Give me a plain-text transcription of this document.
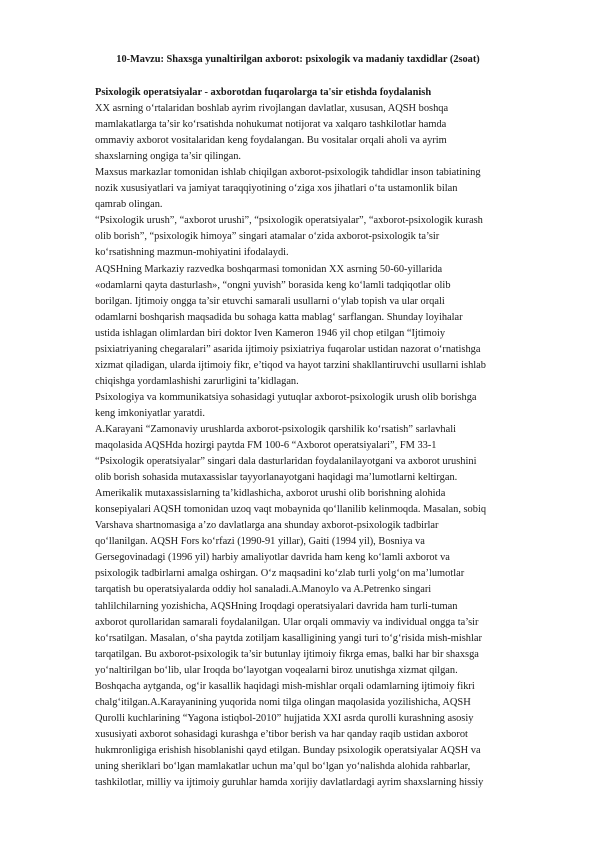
10-Mavzu: Shaxsga yunaltirilgan axborot: psixologik va madaniy taxdidlar (2soat)
Psixologik operatsiyalar - axborotdan fuqarolarga ta'sir etishda foydalanish
XX asrning o‘rtalaridan boshlab ayrim rivojlangan davlatlar, xususan, AQSH boshqa
mamlakatlarga ta’sir ko‘rsatishda nohukumat notijorat va xalqaro tashkilotlar hamda
ommaviy axborot vositalaridan keng foydalangan. Bu vositalar orqali aholi va ayrim
shaxslarning ongiga ta’sir qilingan.
Maxsus markazlar tomonidan ishlab chiqilgan axborot-psixologik tahdidlar inson tabiatining
nozik xususiyatlari va jamiyat taraqqiyotining o‘ziga xos jihatlari o‘ta ustamonlik bilan
qamrab olingan.
“Psixologik urush”, “axborot urushi”, “psixologik operatsiyalar”, “axborot-psixologik kurash
olib borish”, “psixologik himoya” singari atamalar o‘zida axborot-psixologik ta’sir
ko‘rsatishning mazmun-mohiyatini ifodalaydi.
AQSHning Markaziy razvedka boshqarmasi tomonidan XX asrning 50-60-yillarida
«odamlarni qayta dasturlash», “ongni yuvish” borasida keng ko‘lamli tadqiqotlar olib
borilgan. Ijtimoiy ongga ta’sir etuvchi samarali usullarni o‘ylab topish va ular orqali
odamlarni boshqarish maqsadida bu sohaga katta mablag‘ sarflangan. Shunday loyihalar
ustida ishlagan olimlardan biri doktor Iven Kameron 1946 yil chop etilgan “Ijtimoiy
psixiatriyaning chegaralari” asarida ijtimoiy psixiatriya fuqarolar ustidan nazorat o‘rnatishga
xizmat qiladigan, ularda ijtimoiy fikr, e’tiqod va hayot tarzini shakllantiruvchi usullarni ishlab
chiqishga yordamlashishi zarurligini ta’kidlagan.
Psixologiya va kommunikatsiya sohasidagi yutuqlar axborot-psixologik urush olib borishga
keng imkoniyatlar yaratdi.
A.Karayani “Zamonaviy urushlarda axborot-psixologik qarshilik ko‘rsatish” sarlavhali
maqolasida AQSHda hozirgi paytda FM 100-6 “Axborot operatsiyalari”, FM 33-1
“Psixologik operatsiyalar” singari dala dasturlaridan foydalanilayotgani va axborot urushini
olib borish sohasida mutaxassislar tayyorlanayotgani haqidagi ma’lumotlarni keltirgan.
Amerikalik mutaxassislarning ta’kidlashicha, axborot urushi olib borishning alohida
konsepiyalari AQSH tomonidan uzoq vaqt mobaynida qo‘llanilib kelinmoqda. Masalan, sobiq
Varshava shartnomasiga a’zo davlatlarga ana shunday axborot-psixologik tadbirlar
qo‘llanilgan. AQSH Fors ko‘rfazi (1990-91 yillar), Gaiti (1994 yil), Bosniya va
Gersegovinadagi (1996 yil) harbiy amaliyotlar davrida ham keng ko‘lamli axborot va
psixologik tadbirlarni amalga oshirgan. O‘z maqsadini ko‘zlab turli yolg‘on ma’lumotlar
tarqatish bu operatsiyalarda oddiy hol sanaladi.A.Manoylo va A.Petrenko singari
tahlilchilarning yozishicha, AQSHning Iroqdagi operatsiyalari davrida ham turli-tuman
axborot qurollaridan samarali foydalanilgan. Ular orqali ommaviy va individual ongga ta’sir
ko‘rsatilgan. Masalan, o‘sha paytda zotiljam kasalligining yangi turi to‘g‘risida mish-mishlar
tarqatilgan. Bu axborot-psixologik ta’sir butunlay ijtimoiy fikrga emas, balki har bir shaxsga
yo‘naltirilgan bo‘lib, ular Iroqda bo‘layotgan voqealarni biroz unutishga xizmat qilgan.
Boshqacha aytganda, og‘ir kasallik haqidagi mish-mishlar orqali odamlarning ijtimoiy fikri
chalg‘itilgan.A.Karayanining yuqorida nomi tilga olingan maqolasida yozilishicha, AQSH
Qurolli kuchlarining “Yagona istiqbol-2010” hujjatida XXI asrda qurolli kurashning asosiy
xususiyati axborot sohasidagi kurashga e’tibor berish va har qanday raqib ustidan axborot
hukmronligiga erishish hisoblanishi qayd etilgan. Bunday psixologik operatsiyalar AQSH va
uning sheriklari bo‘lgan mamlakatlar uchun ma’qul bo‘lgan yo‘nalishda alohida rahbarlar,
tashkilotlar, milliy va ijtimoiy guruhlar hamda xorijiy davlatlardagi ayrim shaxslarning hissiy
